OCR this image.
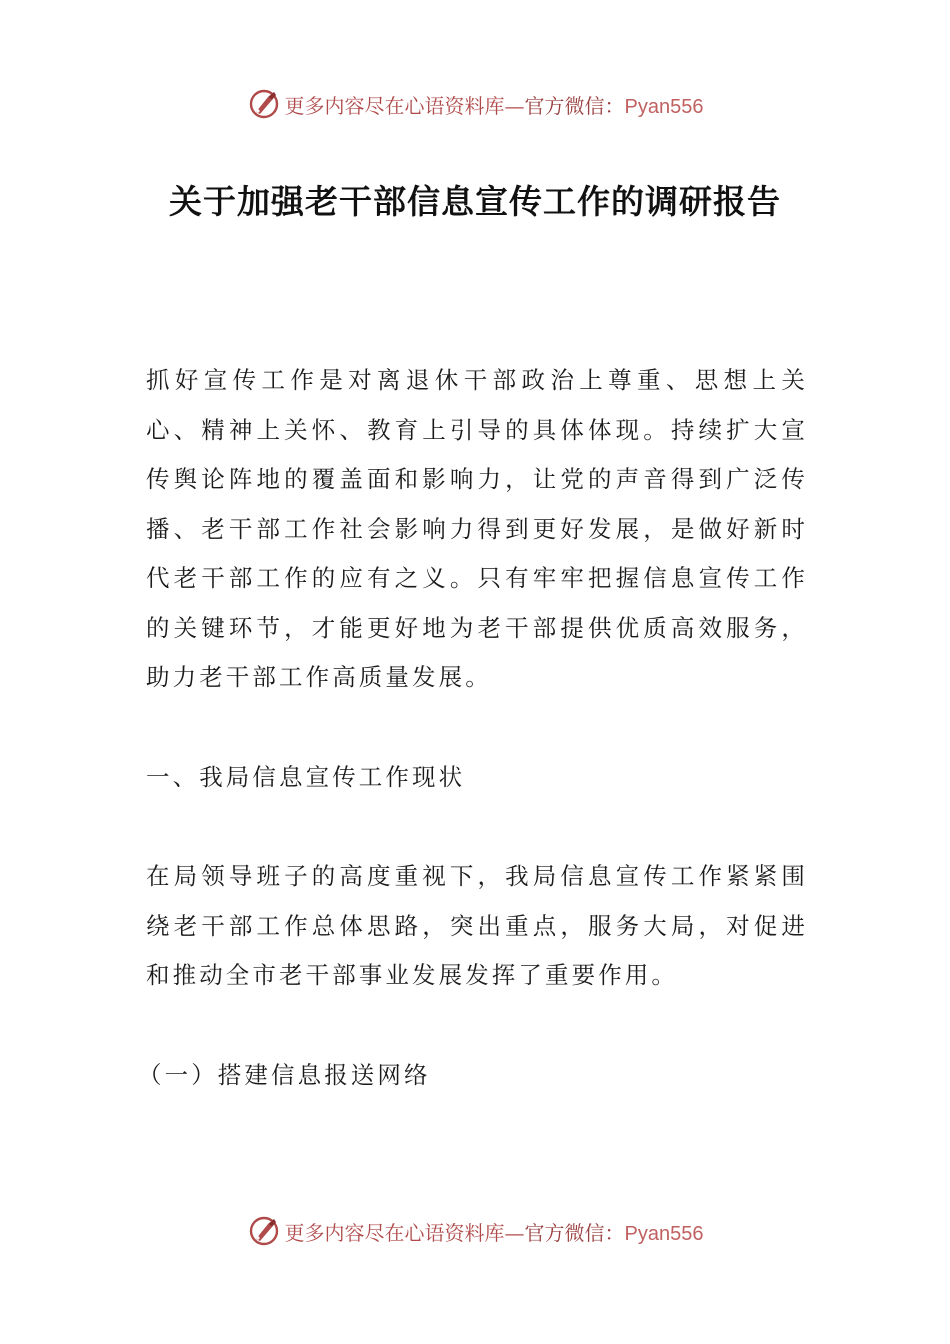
更多内容尽在心语资料库—官方微信：Pyan556
关于加强老干部信息宣传工作的调研报告

抓好宣传工作是对离退休干部政治上尊重、思想上关心、精神上关怀、教育上引导的具体体现。持续扩大宣传舆论阵地的覆盖面和影响力，让党的声音得到广泛传播、老干部工作社会影响力得到更好发展，是做好新时代老干部工作的应有之义。只有牢牢把握信息宣传工作的关键环节，才能更好地为老干部提供优质高效服务，助力老干部工作高质量发展。

一、我局信息宣传工作现状

在局领导班子的高度重视下，我局信息宣传工作紧紧围绕老干部工作总体思路，突出重点，服务大局，对促进和推动全市老干部事业发展发挥了重要作用。

（一）搭建信息报送网络

更多内容尽在心语资料库—官方微信：Pyan556
